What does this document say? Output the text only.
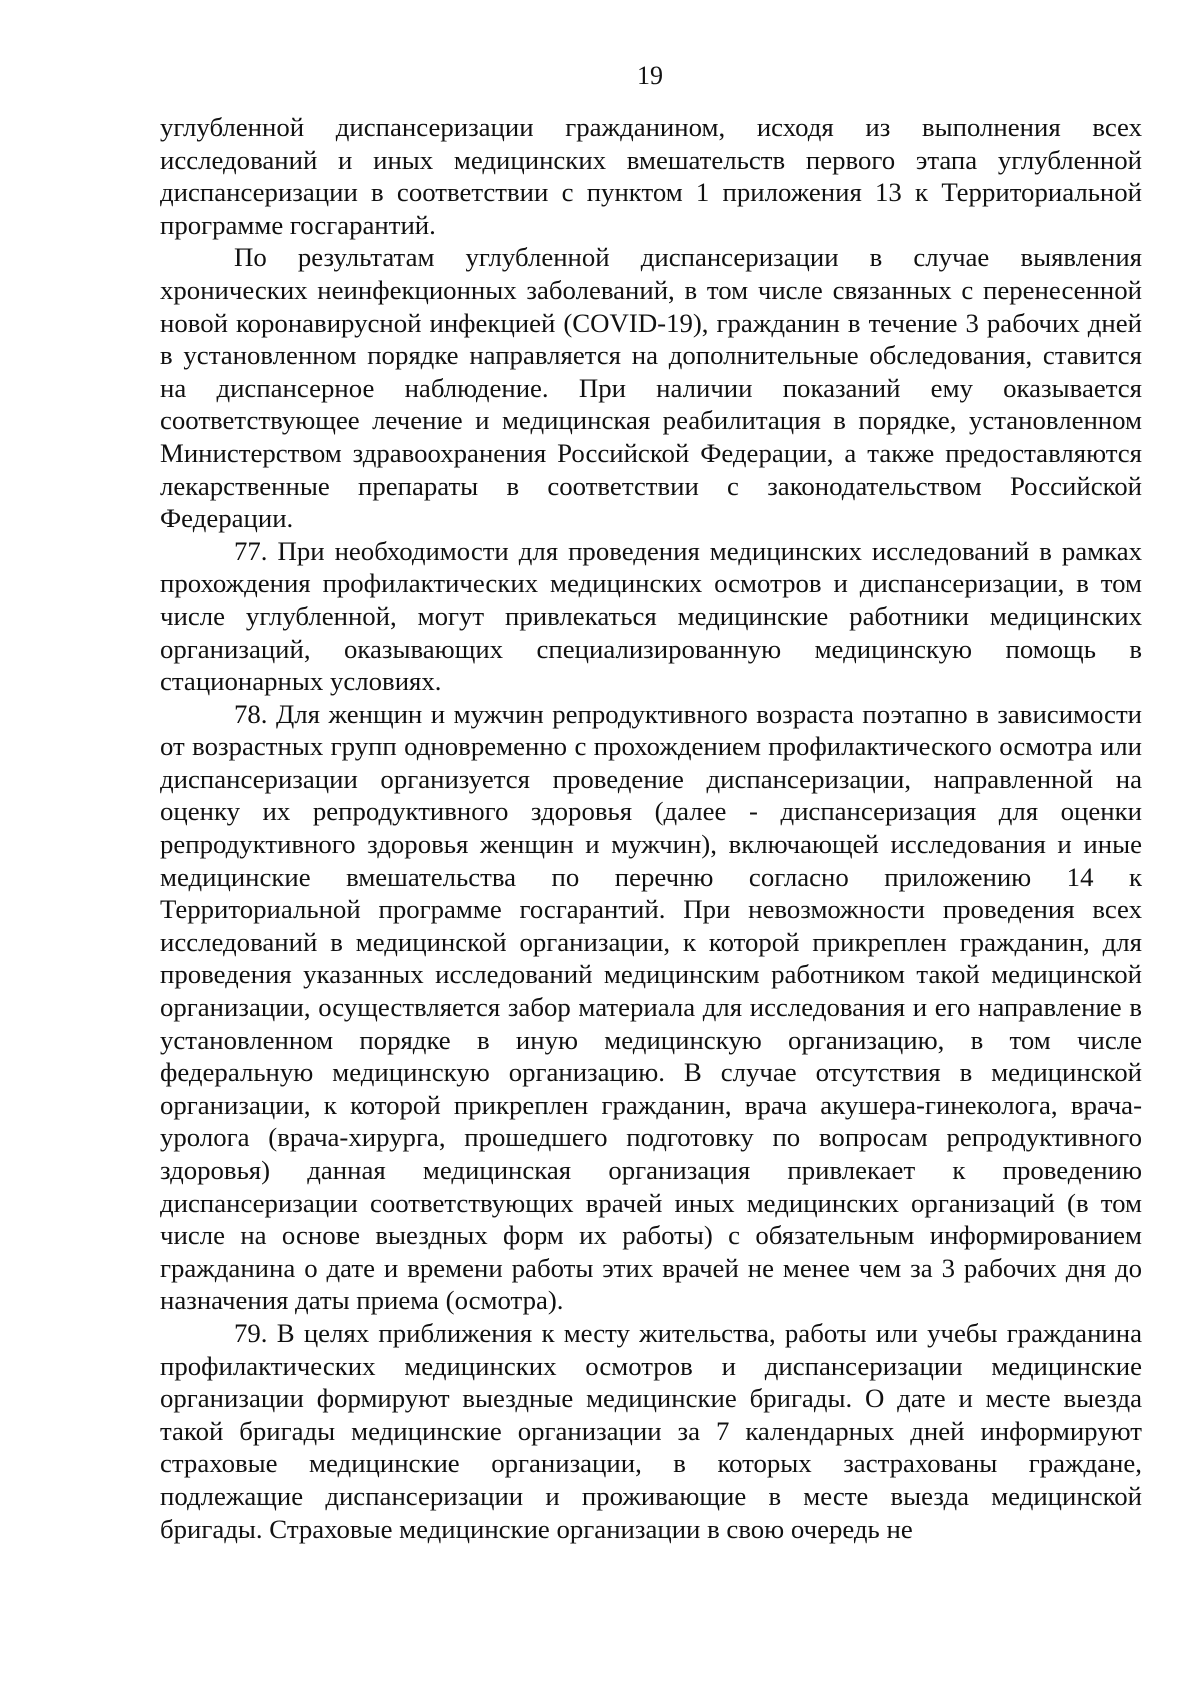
19

углубленной диспансеризации гражданином, исходя из выполнения всех исследований и иных медицинских вмешательств первого этапа углубленной диспансеризации в соответствии с пунктом 1 приложения 13 к Территориальной программе госгарантий.

По результатам углубленной диспансеризации в случае выявления хронических неинфекционных заболеваний, в том числе связанных с перенесенной новой коронавирусной инфекцией (COVID-19), гражданин в течение 3 рабочих дней в установленном порядке направляется на дополнительные обследования, ставится на диспансерное наблюдение. При наличии показаний ему оказывается соответствующее лечение и медицинская реабилитация в порядке, установленном Министерством здравоохранения Российской Федерации, а также предоставляются лекарственные препараты в соответствии с законодательством Российской Федерации.

77. При необходимости для проведения медицинских исследований в рамках прохождения профилактических медицинских осмотров и диспансеризации, в том числе углубленной, могут привлекаться медицинские работники медицинских организаций, оказывающих специализированную медицинскую помощь в стационарных условиях.

78. Для женщин и мужчин репродуктивного возраста поэтапно в зависимости от возрастных групп одновременно с прохождением профилактического осмотра или диспансеризации организуется проведение диспансеризации, направленной на оценку их репродуктивного здоровья (далее - диспансеризация для оценки репродуктивного здоровья женщин и мужчин), включающей исследования и иные медицинские вмешательства по перечню согласно приложению 14 к Территориальной программе госгарантий. При невозможности проведения всех исследований в медицинской организации, к которой прикреплен гражданин, для проведения указанных исследований медицинским работником такой медицинской организации, осуществляется забор материала для исследования и его направление в установленном порядке в иную медицинскую организацию, в том числе федеральную медицинскую организацию. В случае отсутствия в медицинской организации, к которой прикреплен гражданин, врача акушера-гинеколога, врача-уролога (врача-хирурга, прошедшего подготовку по вопросам репродуктивного здоровья) данная медицинская организация привлекает к проведению диспансеризации соответствующих врачей иных медицинских организаций (в том числе на основе выездных форм их работы) с обязательным информированием гражданина о дате и времени работы этих врачей не менее чем за 3 рабочих дня до назначения даты приема (осмотра).

79. В целях приближения к месту жительства, работы или учебы гражданина профилактических медицинских осмотров и диспансеризации медицинские организации формируют выездные медицинские бригады. О дате и месте выезда такой бригады медицинские организации за 7 календарных дней информируют страховые медицинские организации, в которых застрахованы граждане, подлежащие диспансеризации и проживающие в месте выезда медицинской бригады. Страховые медицинские организации в свою очередь не
